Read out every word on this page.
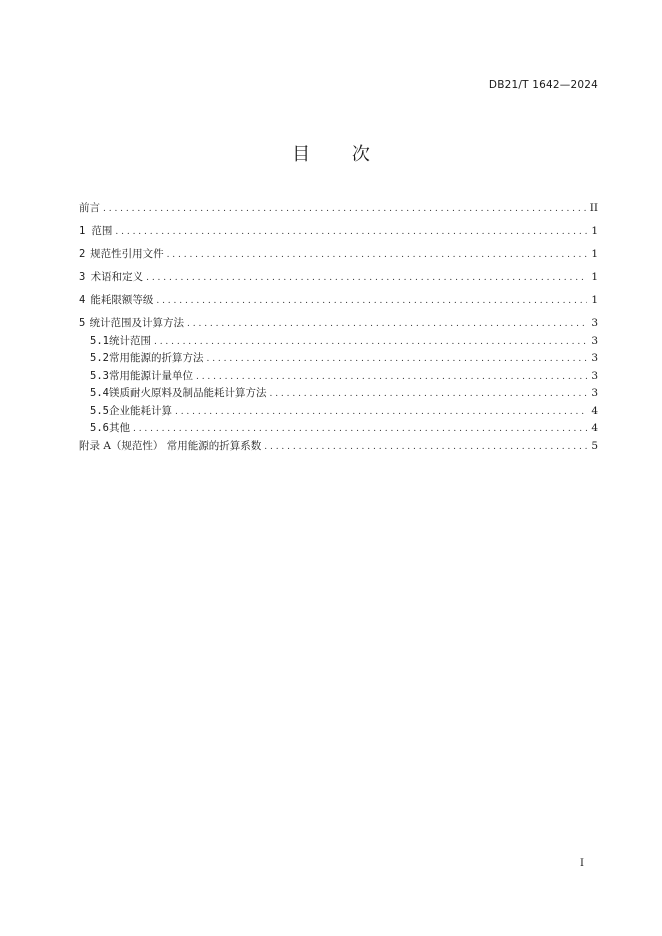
DB21/T 1642—2024
目 次
前言 . . .	II
1 范围 . . .	1
2 规范性引用文件 . . .	1
3 术语和定义 . . .	1
4 能耗限额等级 . . .	1
5 统计范围及计算方法 . . .	3
5.1 统计范围 . . .	3
5.2 常用能源的折算方法 . . .	3
5.3 常用能源计量单位 . . .	3
5.4 镁质耐火原料及制品能耗计算方法 . . .	3
5.5 企业能耗计算 . . .	4
5.6 其他 . . .	4
附录 A（规范性） 常用能源的折算系数 . . .	5
I
